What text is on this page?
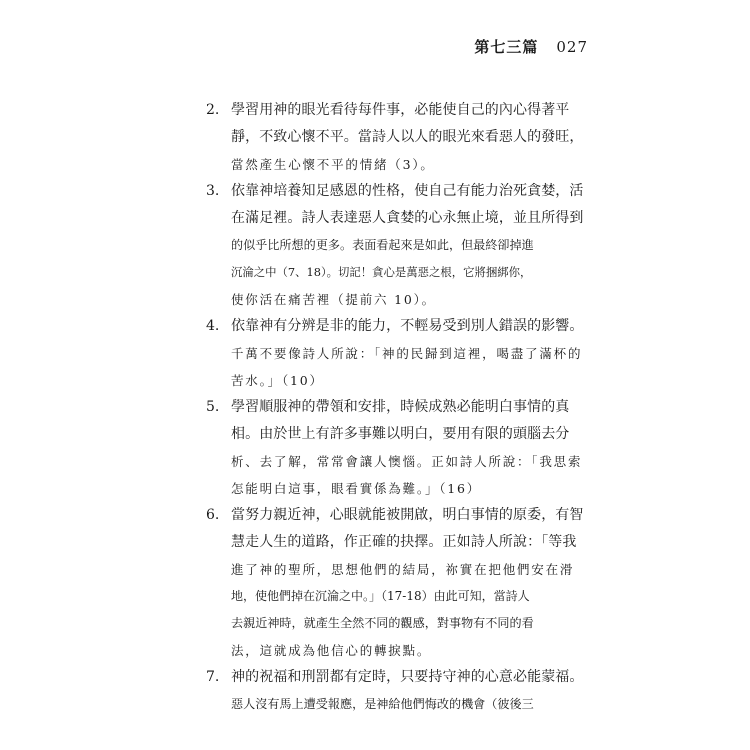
第七三篇 027
2. 學習用神的眼光看待每件事，必能使自己的內心得著平
靜，不致心懷不平。當詩人以人的眼光來看惡人的發旺，
當然產生心懷不平的情緒（3）。
3. 依靠神培養知足感恩的性格，使自己有能力治死貪婪，活
在滿足裡。詩人表達惡人貪婪的心永無止境，並且所得到
的似乎比所想的更多。表面看起來是如此，但最終卻掉進
沉淪之中（7、18）。切記！貪心是萬惡之根，它將捆綁你，
使你活在痛苦裡（提前六 10）。
4. 依靠神有分辨是非的能力，不輕易受到別人錯誤的影響。
千萬不要像詩人所說：「神的民歸到這裡，喝盡了滿杯的
苦水。」（10）
5. 學習順服神的帶領和安排，時候成熟必能明白事情的真
相。由於世上有許多事難以明白，要用有限的頭腦去分
析、去了解，常常會讓人懊惱。正如詩人所說：「我思索
怎能明白這事，眼看實係為難。」（16）
6. 當努力親近神，心眼就能被開啟，明白事情的原委，有智
慧走人生的道路，作正確的抉擇。正如詩人所說：「等我
進了神的聖所，思想他們的結局，祢實在把他們安在滑
地，使他們掉在沉淪之中。」（17-18）由此可知，當詩人
去親近神時，就產生全然不同的觀感，對事物有不同的看
法，這就成為他信心的轉捩點。
7. 神的祝福和刑罰都有定時，只要持守神的心意必能蒙福。
惡人沒有馬上遭受報應，是神給他們悔改的機會（彼後三
